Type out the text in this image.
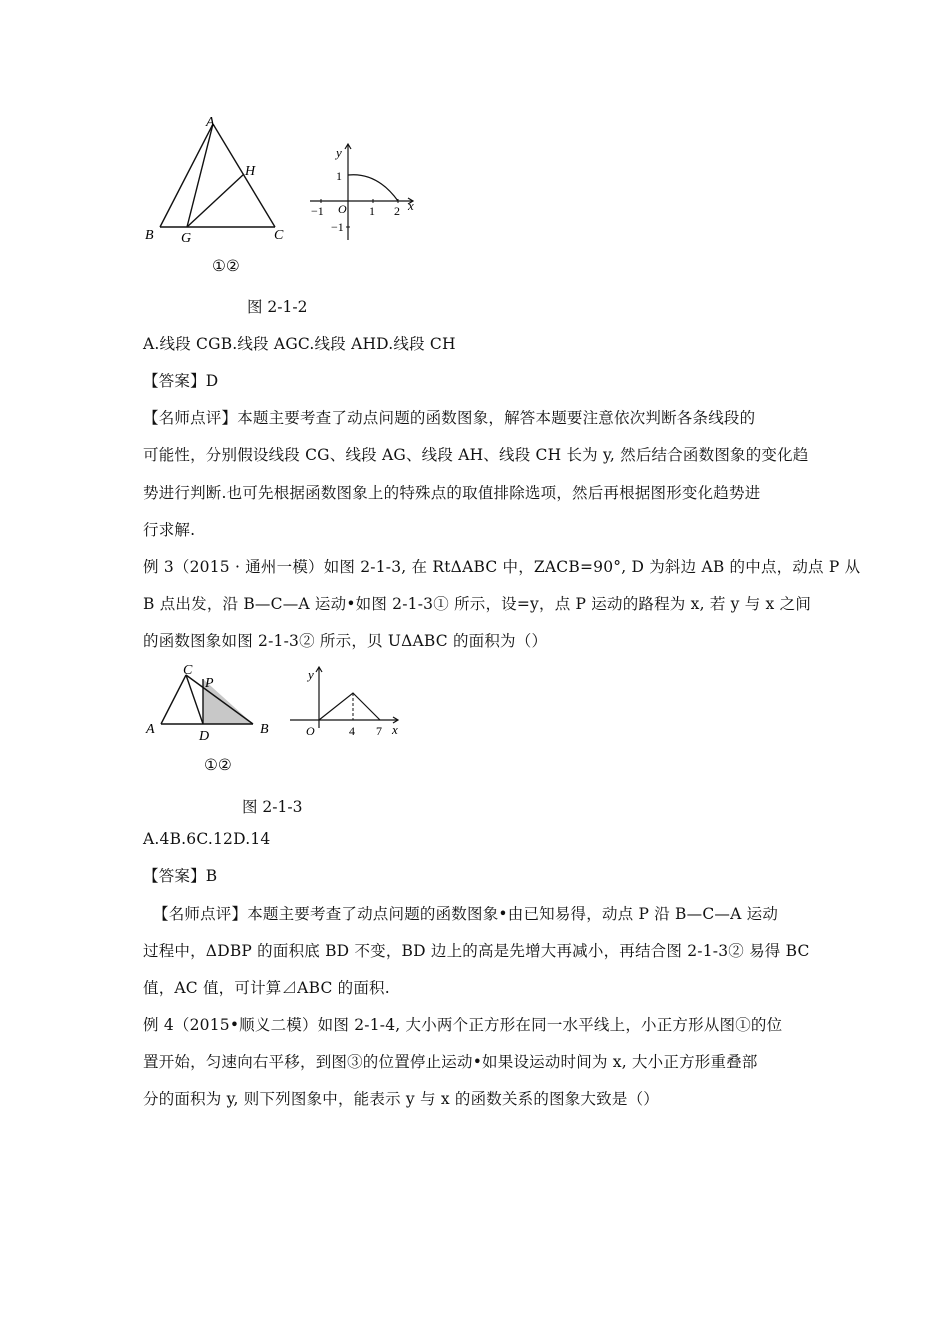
A
B	C
G
H
y
x
1
−1 O 1 2
−1
①②
图 2-1-2
A.线段 CGB.线段 AGC.线段 AHD.线段 CH
【答案】D
【名师点评】本题主要考查了动点问题的函数图象，解答本题要注意依次判断各条线段的
可能性，分别假设线段 CG、线段 AG、线段 AH、线段 CH 长为 y, 然后结合函数图象的变化趋
势进行判断.也可先根据函数图象上的特殊点的取值排除选项，然后再根据图形变化趋势进
行求解.
例 3（2015 · 通州一模）如图 2-1-3, 在 RtΔABC 中，ZACB=90°, D 为斜边 AB 的中点，动点 P 从
B 点出发，沿 B—C—A 运动•如图 2-1-3① 所示，设=y，点 P 运动的路程为 x, 若 y 与 x 之间
的函数图象如图 2-1-3② 所示，贝 UΔABC 的面积为（）
C
P
A	D	B
y
x
O	4 7
①②
图 2-1-3
A.4B.6C.12D.14
【答案】B
【名师点评】本题主要考查了动点问题的函数图象•由已知易得，动点 P 沿 B—C—A 运动
过程中，ΔDBP 的面积底 BD 不变，BD 边上的高是先增大再减小，再结合图 2-1-3② 易得 BC
值，AC 值，可计算⊿ABC 的面积.
例 4（2015•顺义二模）如图 2-1-4, 大小两个正方形在同一水平线上，小正方形从图①的位
置开始，匀速向右平移，到图③的位置停止运动•如果设运动时间为 x, 大小正方形重叠部
分的面积为 y, 则下列图象中，能表示 y 与 x 的函数关系的图象大致是（）
